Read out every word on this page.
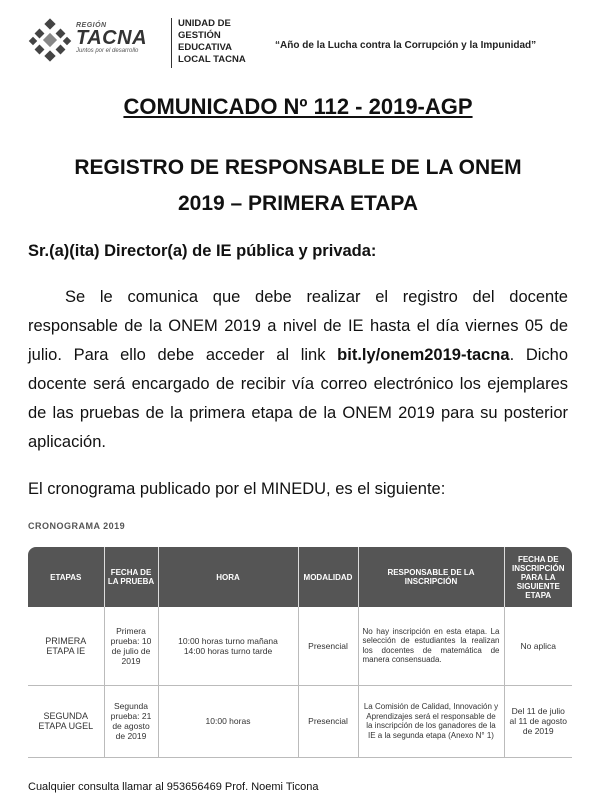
REGIÓN
TACNA
Juntos por el desarrollo
UNIDAD DE
GESTIÓN
EDUCATIVA
LOCAL TACNA
“Año de la Lucha contra la Corrupción y la Impunidad”
COMUNICADO Nº 112 - 2019-AGP
REGISTRO DE RESPONSABLE DE LA ONEM
2019 – PRIMERA ETAPA
Sr.(a)(ita) Director(a) de IE pública y privada:
Se le comunica que debe realizar el registro del docente responsable de la ONEM 2019 a nivel de IE hasta el día viernes 05 de julio. Para ello debe acceder al link bit.ly/onem2019-tacna. Dicho docente será encargado de recibir vía correo electrónico los ejemplares de las pruebas de la primera etapa de la ONEM 2019 para su posterior aplicación.
El cronograma publicado por el MINEDU, es el siguiente:
CRONOGRAMA 2019
ETAPAS	FECHA DE LA PRUEBA	HORA	MODALIDAD	RESPONSABLE DE LA INSCRIPCIÓN	FECHA DE INSCRIPCIÓN PARA LA SIGUIENTE ETAPA
PRIMERA ETAPA IE	Primera prueba: 10 de julio de 2019	10:00 horas turno mañana
14:00 horas turno tarde	Presencial	No hay inscripción en esta etapa. La selección de estudiantes la realizan los docentes de matemática de manera consensuada.	No aplica
SEGUNDA ETAPA UGEL	Segunda prueba: 21 de agosto de 2019	10:00 horas	Presencial	La Comisión de Calidad, Innovación y Aprendizajes será el responsable de la inscripción de los ganadores de la IE a la segunda etapa (Anexo N° 1)	Del 11 de julio al 11 de agosto de 2019
Cualquier consulta llamar al 953656469 Prof. Noemi Ticona
